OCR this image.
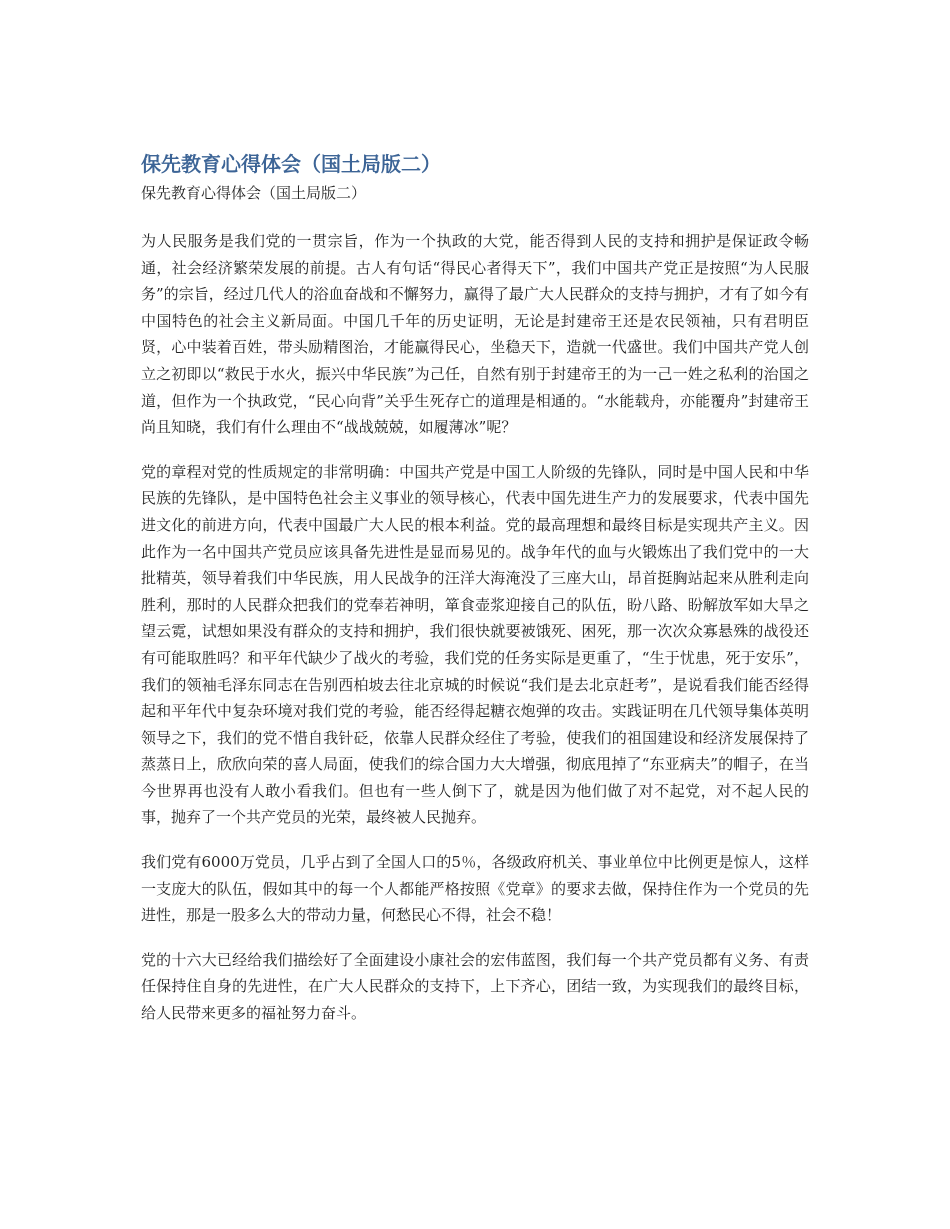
保先教育心得体会（国土局版二）
保先教育心得体会（国土局版二）

为人民服务是我们党的一贯宗旨，作为一个执政的大党，能否得到人民的支持和拥护是保证政令畅通，社会经济繁荣发展的前提。古人有句话“得民心者得天下”，我们中国共产党正是按照“为人民服务”的宗旨，经过几代人的浴血奋战和不懈努力，赢得了最广大人民群众的支持与拥护，才有了如今有中国特色的社会主义新局面。中国几千年的历史证明，无论是封建帝王还是农民领袖，只有君明臣贤，心中装着百姓，带头励精图治，才能赢得民心，坐稳天下，造就一代盛世。我们中国共产党人创立之初即以“救民于水火，振兴中华民族”为己任，自然有别于封建帝王的为一己一姓之私利的治国之道，但作为一个执政党，“民心向背”关乎生死存亡的道理是相通的。“水能载舟，亦能覆舟”封建帝王尚且知晓，我们有什么理由不“战战兢兢，如履薄冰”呢？

党的章程对党的性质规定的非常明确：中国共产党是中国工人阶级的先锋队，同时是中国人民和中华民族的先锋队，是中国特色社会主义事业的领导核心，代表中国先进生产力的发展要求，代表中国先进文化的前进方向，代表中国最广大人民的根本利益。党的最高理想和最终目标是实现共产主义。因此作为一名中国共产党员应该具备先进性是显而易见的。战争年代的血与火锻炼出了我们党中的一大批精英，领导着我们中华民族，用人民战争的汪洋大海淹没了三座大山，昂首挺胸站起来从胜利走向胜利，那时的人民群众把我们的党奉若神明，箪食壶浆迎接自己的队伍，盼八路、盼解放军如大旱之望云霓，试想如果没有群众的支持和拥护，我们很快就要被饿死、困死，那一次次众寡悬殊的战役还有可能取胜吗？和平年代缺少了战火的考验，我们党的任务实际是更重了，“生于忧患，死于安乐”，我们的领袖毛泽东同志在告别西柏坡去往北京城的时候说“我们是去北京赶考”，是说看我们能否经得起和平年代中复杂环境对我们党的考验，能否经得起糖衣炮弹的攻击。实践证明在几代领导集体英明领导之下，我们的党不惜自我针砭，依靠人民群众经住了考验，使我们的祖国建设和经济发展保持了蒸蒸日上，欣欣向荣的喜人局面，使我们的综合国力大大增强，彻底甩掉了“东亚病夫”的帽子，在当今世界再也没有人敢小看我们。但也有一些人倒下了，就是因为他们做了对不起党，对不起人民的事，抛弃了一个共产党员的光荣，最终被人民抛弃。

我们党有6000万党员，几乎占到了全国人口的5％，各级政府机关、事业单位中比例更是惊人，这样一支庞大的队伍，假如其中的每一个人都能严格按照《党章》的要求去做，保持住作为一个党员的先进性，那是一股多么大的带动力量，何愁民心不得，社会不稳！

党的十六大已经给我们描绘好了全面建设小康社会的宏伟蓝图，我们每一个共产党员都有义务、有责任保持住自身的先进性，在广大人民群众的支持下，上下齐心，团结一致，为实现我们的最终目标，给人民带来更多的福祉努力奋斗。
